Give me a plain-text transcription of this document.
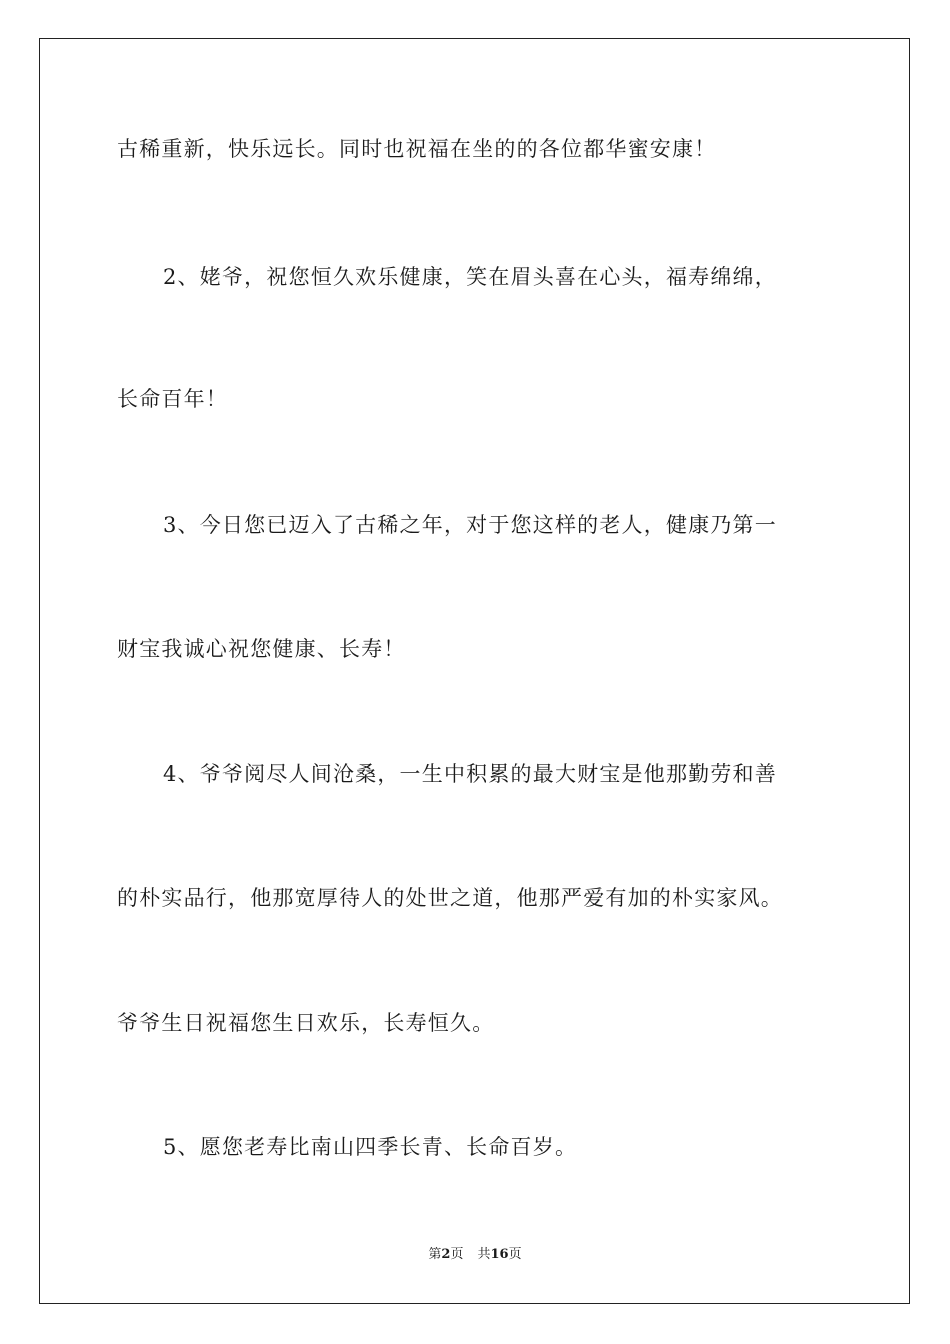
古稀重新，快乐远长。同时也祝福在坐的的各位都华蜜安康！
2、姥爷，祝您恒久欢乐健康，笑在眉头喜在心头，福寿绵绵，
长命百年！
3、今日您已迈入了古稀之年，对于您这样的老人，健康乃第一
财宝我诚心祝您健康、长寿！
4、爷爷阅尽人间沧桑，一生中积累的最大财宝是他那勤劳和善
的朴实品行，他那宽厚待人的处世之道，他那严爱有加的朴实家风。
爷爷生日祝福您生日欢乐，长寿恒久。
5、愿您老寿比南山四季长青、长命百岁。
第2页 共16页
